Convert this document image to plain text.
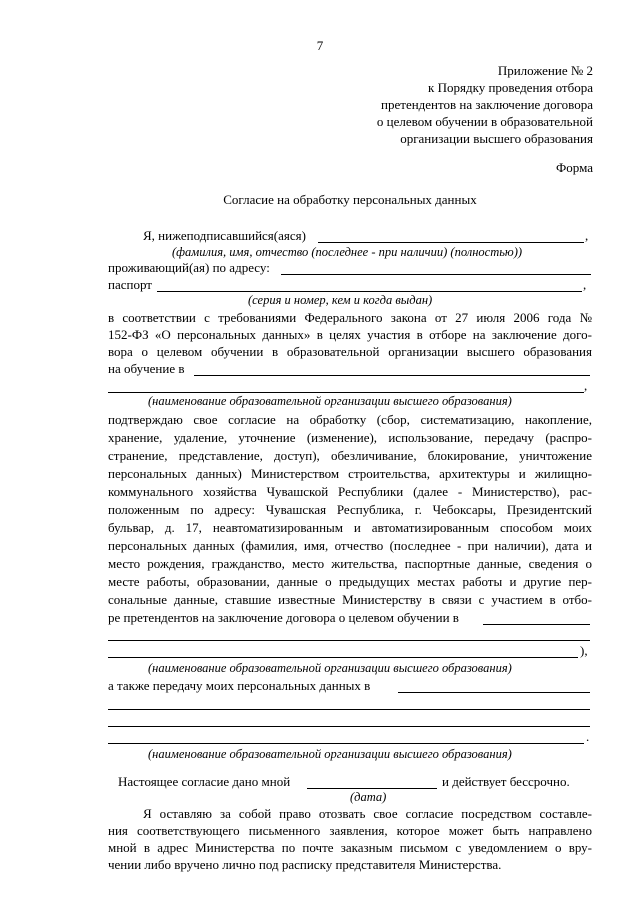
7
Приложение № 2
к Порядку проведения отбора
претендентов на заключение договора
о целевом обучении в образовательной
организации высшего образования
Форма
Согласие на обработку персональных данных
Я, нижеподписавшийся(аяся)	,
(фамилия, имя, отчество (последнее - при наличии) (полностью))
проживающий(ая) по адресу:
паспорт	,
(серия и номер, кем и когда выдан)
в соответствии с требованиями Федерального закона от 27 июля 2006 года №
152-ФЗ «О персональных данных» в целях участия в отборе на заключение дого-
вора о целевом обучении в образовательной организации высшего образования
на обучение в
,
(наименование образовательной организации высшего образования)
подтверждаю свое согласие на обработку (сбор, систематизацию, накопление,
хранение, удаление, уточнение (изменение), использование, передачу (распро-
странение, представление, доступ), обезличивание, блокирование, уничтожение
персональных данных) Министерством строительства, архитектуры и жилищно-
коммунального хозяйства Чувашской Республики (далее - Министерство), рас-
положенным по адресу: Чувашская Республика, г. Чебоксары, Президентский
бульвар, д. 17, неавтоматизированным и автоматизированным способом моих
персональных данных (фамилия, имя, отчество (последнее - при наличии), дата и
место рождения, гражданство, место жительства, паспортные данные, сведения о
месте работы, образовании, данные о предыдущих местах работы и другие пер-
сональные данные, ставшие известные Министерству в связи с участием в отбо-
ре претендентов на заключение договора о целевом обучении в
),
(наименование образовательной организации высшего образования)
а также передачу моих персональных данных в
.
(наименование образовательной организации высшего образования)
Настоящее согласие дано мной	и действует бессрочно.
(дата)
Я оставляю за собой право отозвать свое согласие посредством составле-
ния соответствующего письменного заявления, которое может быть направлено
мной в адрес Министерства по почте заказным письмом с уведомлением о вру-
чении либо вручено лично под расписку представителя Министерства.
